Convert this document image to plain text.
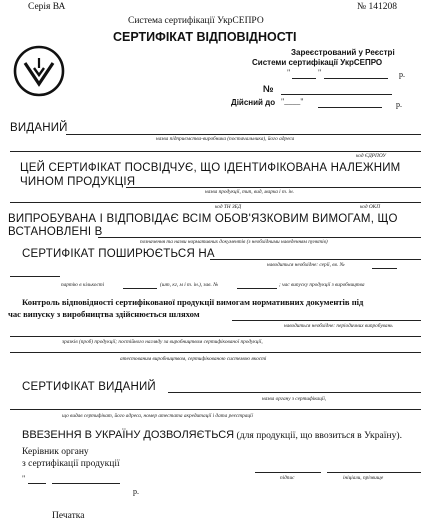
Серія ВА	№ 141208
Система сертифікації УкрСЕПРО
СЕРТИФІКАТ ВІДПОВІДНОСТІ
Зареєстрований у Реєстрі
Системи сертифікації УкрСЕПРО
"	"	р.
№
Дійсний до "____"	р.
ВИДАНИЙ
назва підприємства-виробника (постачальника), його адреса
код ЄДРПОУ
ЦЕЙ СЕРТИФІКАТ ПОСВІДЧУЄ, ЩО ІДЕНТИФІКОВАНА НАЛЕЖНИМ
ЧИНОМ ПРОДУКЦІЯ
назва продукції, тип, вид, марка і т. ін.
код ТН ЗЕД	код ОКП
ВИПРОБУВАНА І ВІДПОВІДАЄ ВСІМ ОБОВ'ЯЗКОВИМ ВИМОГАМ, ЩО
ВСТАНОВЛЕНІ В
позначення та назви нормативних документів (з необхідними наведенням пунктів)
СЕРТИФІКАТ ПОШИРЮЄТЬСЯ НА
наводиться необхідне: серії, вв. №
партію в кількості	(шт, кг, м і т. ін.), зав. №	; час випуску продукції з виробництва
Контроль відповідності сертифікованої продукції вимогам нормативних документів під
час випуску з виробництва здійснюється шляхом
наводиться необхідне: періодичних випробувань
зразків (проб) продукції; постійного нагляду за виробництвом сертифікованої продукції,
атестованим виробництвом, сертифікованою системою якості
СЕРТИФІКАТ ВИДАНИЙ
назва органу з сертифікації,
що видав сертифікат, його адреса, номер атестата акредитації і дата реєстрації
ВВЕЗЕННЯ В УКРАЇНУ ДОЗВОЛЯЄТЬСЯ (для продукції, що ввозиться в Україну).
Керівник органу
з сертифікації продукції
підпис	ініціали, прізвище
"
р.
Печатка
